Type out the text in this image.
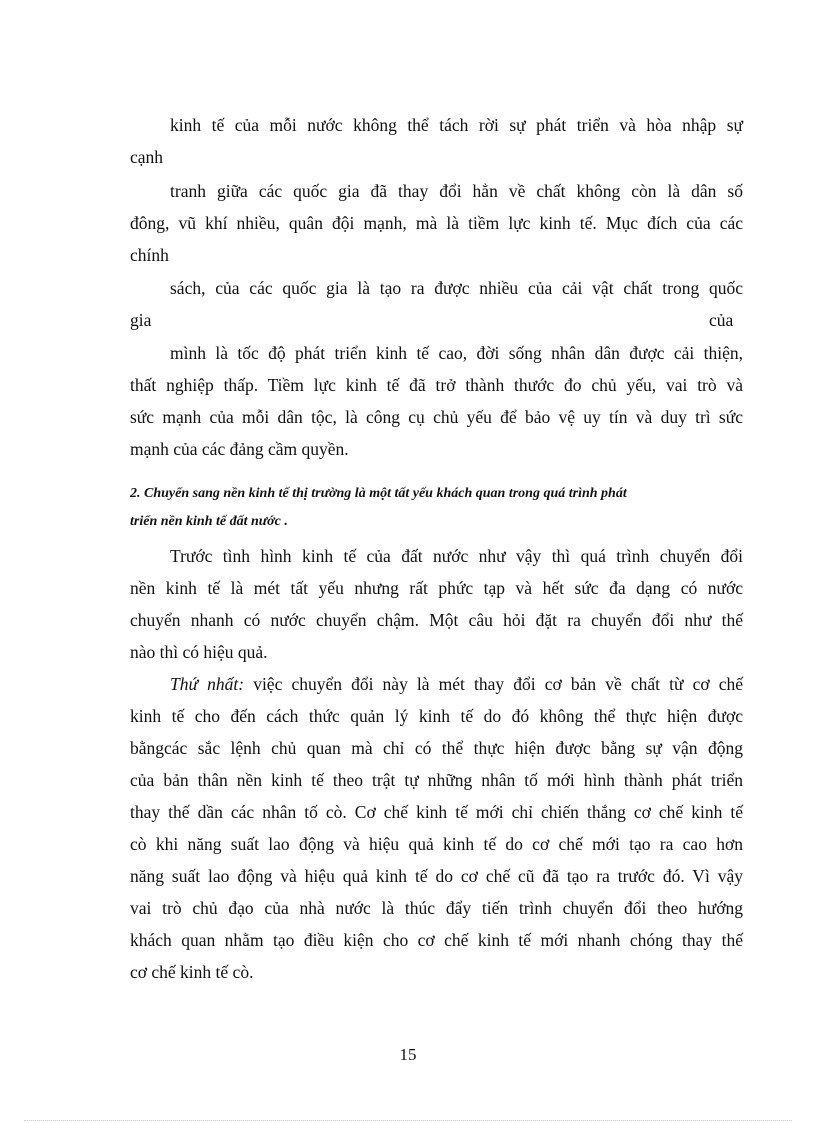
kinh tế của mỗi nước không thể tách rời sự phát triển và hòa nhập sự
cạnh
tranh giữa các quốc gia đã thay đổi hẳn về chất không còn là dân số
đông, vũ khí nhiều, quân đội mạnh, mà là tiềm lực kinh tế. Mục đích của các
chính
sách, của các quốc gia là tạo ra được nhiều của cải vật chất trong quốc
gia	của
mình là tốc độ phát triển kinh tế cao, đời sống nhân dân được cải thiện,
thất nghiệp thấp. Tiềm lực kinh tế đã trở thành thước đo chủ yếu, vai trò và
sức mạnh của mỗi dân tộc, là công cụ chủ yếu để bảo vệ uy tín và duy trì sức
mạnh của các đảng cầm quyền.
2. Chuyển sang nền kinh tế thị trường là một tất yếu khách quan trong quá trình phát
triển nền kinh tế đất nước .
Trước tình hình kinh tế của đất nước như vậy thì quá trình chuyển đổi
nền kinh tế là mét tất yếu nhưng rất phức tạp và hết sức đa dạng có nước
chuyển nhanh có nước chuyển chậm. Một câu hỏi đặt ra chuyển đổi như thế
nào thì có hiệu quả.
Thứ nhất: việc chuyển đổi này là mét thay đổi cơ bản về chất từ cơ chế
kinh tế cho đến cách thức quản lý kinh tế do đó không thể thực hiện được
bằngcác sắc lệnh chủ quan mà chỉ có thể thực hiện được bằng sự vận động
của bản thân nền kinh tế theo trật tự những nhân tố mới hình thành phát triển
thay thế dần các nhân tố cò. Cơ chế kinh tế mới chỉ chiến thắng cơ chế kinh tế
cò khi năng suất lao động và hiệu quả kinh tế do cơ chế mới tạo ra cao hơn
năng suất lao động và hiệu quả kinh tế do cơ chế cũ đã tạo ra trước đó. Vì vậy
vai trò chủ đạo của nhà nước là thúc đẩy tiến trình chuyển đổi theo hướng
khách quan nhằm tạo điều kiện cho cơ chế kinh tế mới nhanh chóng thay thế
cơ chế kinh tế cò.
15
